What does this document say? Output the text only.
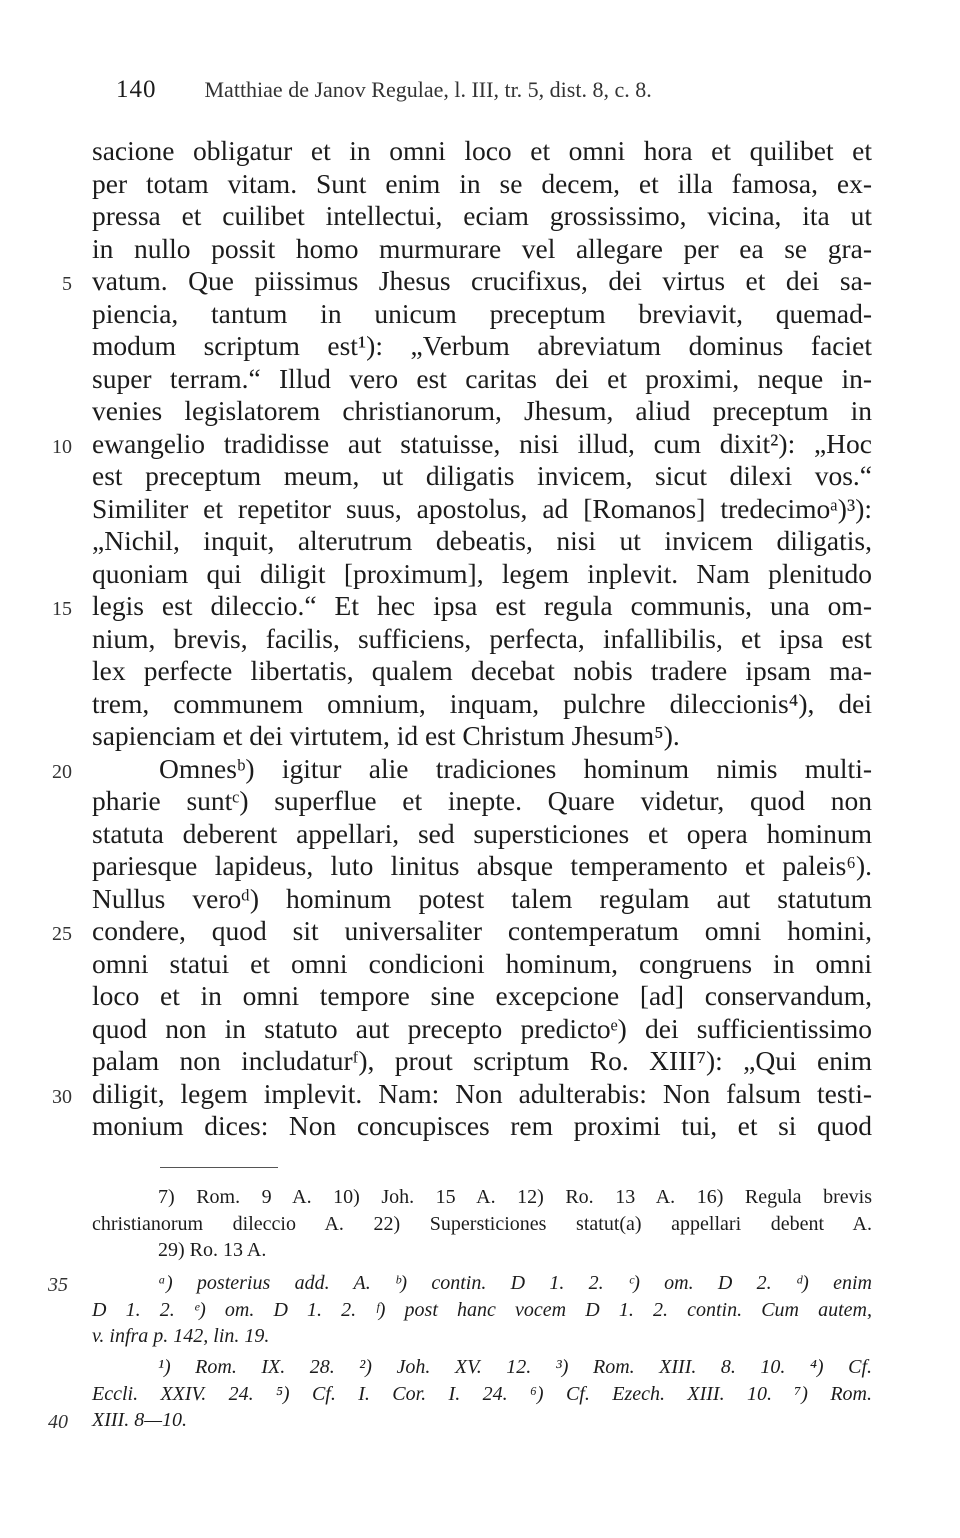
140 Matthiae de Janov Regulae, l. III, tr. 5, dist. 8, c. 8.
sacione obligatur et in omni loco et omni hora et quilibet et
per totam vitam. Sunt enim in se decem, et illa famosa, ex-
pressa et cuilibet intellectui, eciam grossissimo, vicina, ita ut
in nullo possit homo murmurare vel allegare per ea se gra-
5 vatum. Que piissimus Jhesus crucifixus, dei virtus et dei sa-
piencia, tantum in unicum preceptum breviavit, quemad-
modum scriptum est¹): „Verbum abreviatum dominus faciet
super terram.“ Illud vero est caritas dei et proximi, neque in-
venies legislatorem christianorum, Jhesum, aliud preceptum in
10 ewangelio tradidisse aut statuisse, nisi illud, cum dixit²): „Hoc
est preceptum meum, ut diligatis invicem, sicut dilexi vos.“
Similiter et repetitor suus, apostolus, ad [Romanos] tredecimoᵃ)³):
„Nichil, inquit, alterutrum debeatis, nisi ut invicem diligatis,
quoniam qui diligit [proximum], legem inplevit. Nam plenitudo
15 legis est dileccio.“ Et hec ipsa est regula communis, una om-
nium, brevis, facilis, sufficiens, perfecta, infallibilis, et ipsa est
lex perfecte libertatis, qualem decebat nobis tradere ipsam ma-
trem, communem omnium, inquam, pulchre dileccionis⁴), dei
sapienciam et dei virtutem, id est Christum Jhesum⁵).
20	Omnesᵇ) igitur alie tradiciones hominum nimis multi-
pharie suntᶜ) superflue et inepte. Quare videtur, quod non
statuta deberent appellari, sed supersticiones et opera hominum
pariesque lapideus, luto linitus absque temperamento et paleis⁶).
Nullus veroᵈ) hominum potest talem regulam aut statutum
25 condere, quod sit universaliter contemperatum omni homini,
omni statui et omni condicioni hominum, congruens in omni
loco et in omni tempore sine excepcione [ad] conservandum,
quod non in statuto aut precepto predictoᵉ) dei sufficientissimo
palam non includaturᶠ), prout scriptum Ro. XIII⁷): „Qui enim
30 diligit, legem implevit. Nam: Non adulterabis: Non falsum testi-
monium dices: Non concupisces rem proximi tui, et si quod
7) Rom. 9 A. 10) Joh. 15 A. 12) Ro. 13 A. 16) Regula brevis
christianorum dileccio A. 22) Supersticiones statut(a) appellari debent A.
29) Ro. 13 A.
35	ᵃ) posterius add. A. ᵇ) contin. D 1. 2. ᶜ) om. D 2. ᵈ) enim
D 1. 2. ᵉ) om. D 1. 2. ᶠ) post hanc vocem D 1. 2. contin. Cum autem,
v. infra p. 142, lin. 19.
¹) Rom. IX. 28. ²) Joh. XV. 12. ³) Rom. XIII. 8. 10. ⁴) Cf.
Eccli. XXIV. 24. ⁵) Cf. I. Cor. I. 24. ⁶) Cf. Ezech. XIII. 10. ⁷) Rom.
40 XIII. 8—10.
